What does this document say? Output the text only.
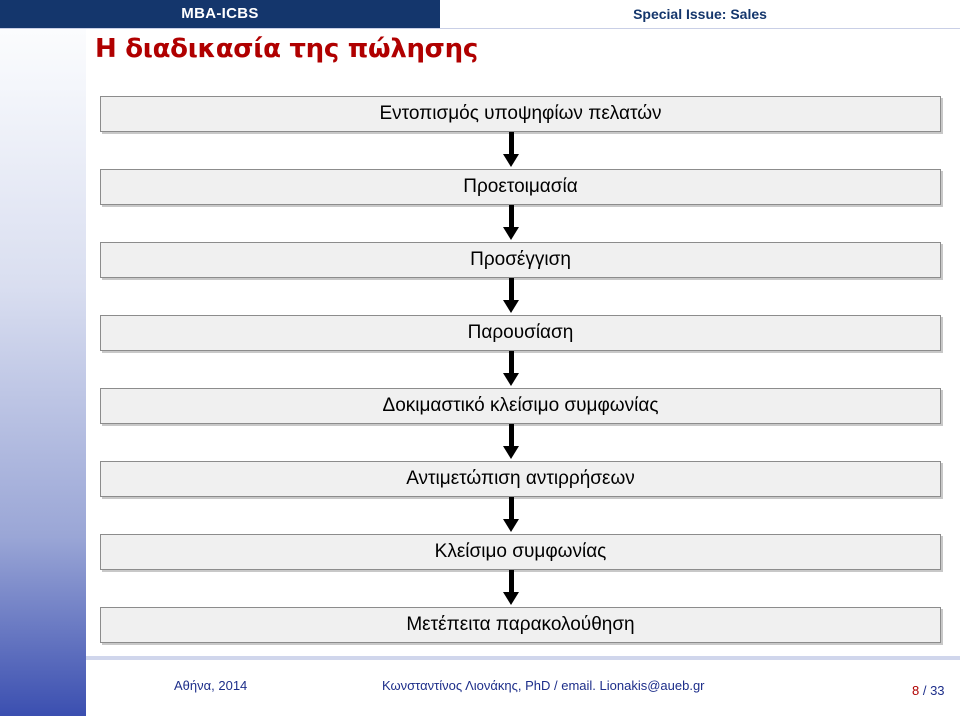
MBA-ICBS	Special Issue: Sales
Η διαδικασία της πώλησης
Εντοπισμός υποψηφίων πελατών
Προετοιμασία
Προσέγγιση
Παρουσίαση
Δοκιμαστικό κλείσιμο συμφωνίας
Αντιμετώπιση αντιρρήσεων
Κλείσιμο συμφωνίας
Μετέπειτα παρακολούθηση
Αθήνα, 2014	Κωνσταντίνος Λιονάκης, PhD / email. Lionakis@aueb.gr	8 / 33
